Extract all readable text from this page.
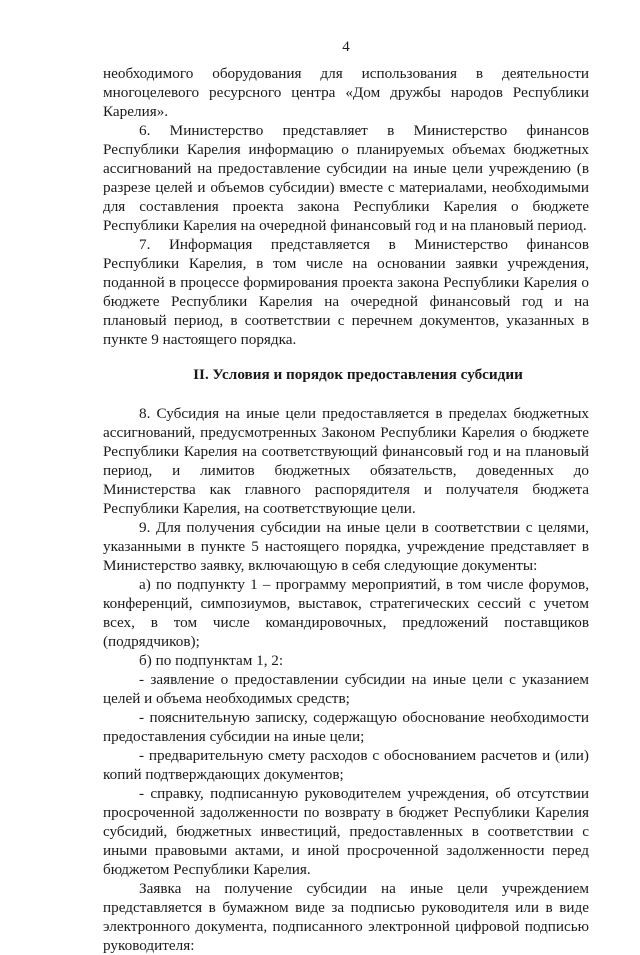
4

необходимого оборудования для использования в деятельности многоцелевого ресурсного центра «Дом дружбы народов Республики Карелия».

6. Министерство представляет в Министерство финансов Республики Карелия информацию о планируемых объемах бюджетных ассигнований на предоставление субсидии на иные цели учреждению (в разрезе целей и объемов субсидии) вместе с материалами, необходимыми для составления проекта закона Республики Карелия о бюджете Республики Карелия на очередной финансовый год и на плановый период.

7. Информация представляется в Министерство финансов Республики Карелия, в том числе на основании заявки учреждения, поданной в процессе формирования проекта закона Республики Карелия о бюджете Республики Карелия на очередной финансовый год и на плановый период, в соответствии с перечнем документов, указанных в пункте 9 настоящего порядка.

II. Условия и порядок предоставления субсидии

8. Субсидия на иные цели предоставляется в пределах бюджетных ассигнований, предусмотренных Законом Республики Карелия о бюджете Республики Карелия на соответствующий финансовый год и на плановый период, и лимитов бюджетных обязательств, доведенных до Министерства как главного распорядителя и получателя бюджета Республики Карелия, на соответствующие цели.

9. Для получения субсидии на иные цели в соответствии с целями, указанными в пункте 5 настоящего порядка, учреждение представляет в Министерство заявку, включающую в себя следующие документы:

а) по подпункту 1 – программу мероприятий, в том числе форумов, конференций, симпозиумов, выставок, стратегических сессий с учетом всех, в том числе командировочных, предложений поставщиков (подрядчиков);

б) по подпунктам 1, 2:

- заявление о предоставлении субсидии на иные цели с указанием целей и объема необходимых средств;

- пояснительную записку, содержащую обоснование необходимости предоставления субсидии на иные цели;

- предварительную смету расходов с обоснованием расчетов и (или) копий подтверждающих документов;

- справку, подписанную руководителем учреждения, об отсутствии просроченной задолженности по возврату в бюджет Республики Карелия субсидий, бюджетных инвестиций, предоставленных в соответствии с иными правовыми актами, и иной просроченной задолженности перед бюджетом Республики Карелия.

Заявка на получение субсидии на иные цели учреждением представляется в бумажном виде за подписью руководителя или в виде электронного документа, подписанного электронной цифровой подписью руководителя:
